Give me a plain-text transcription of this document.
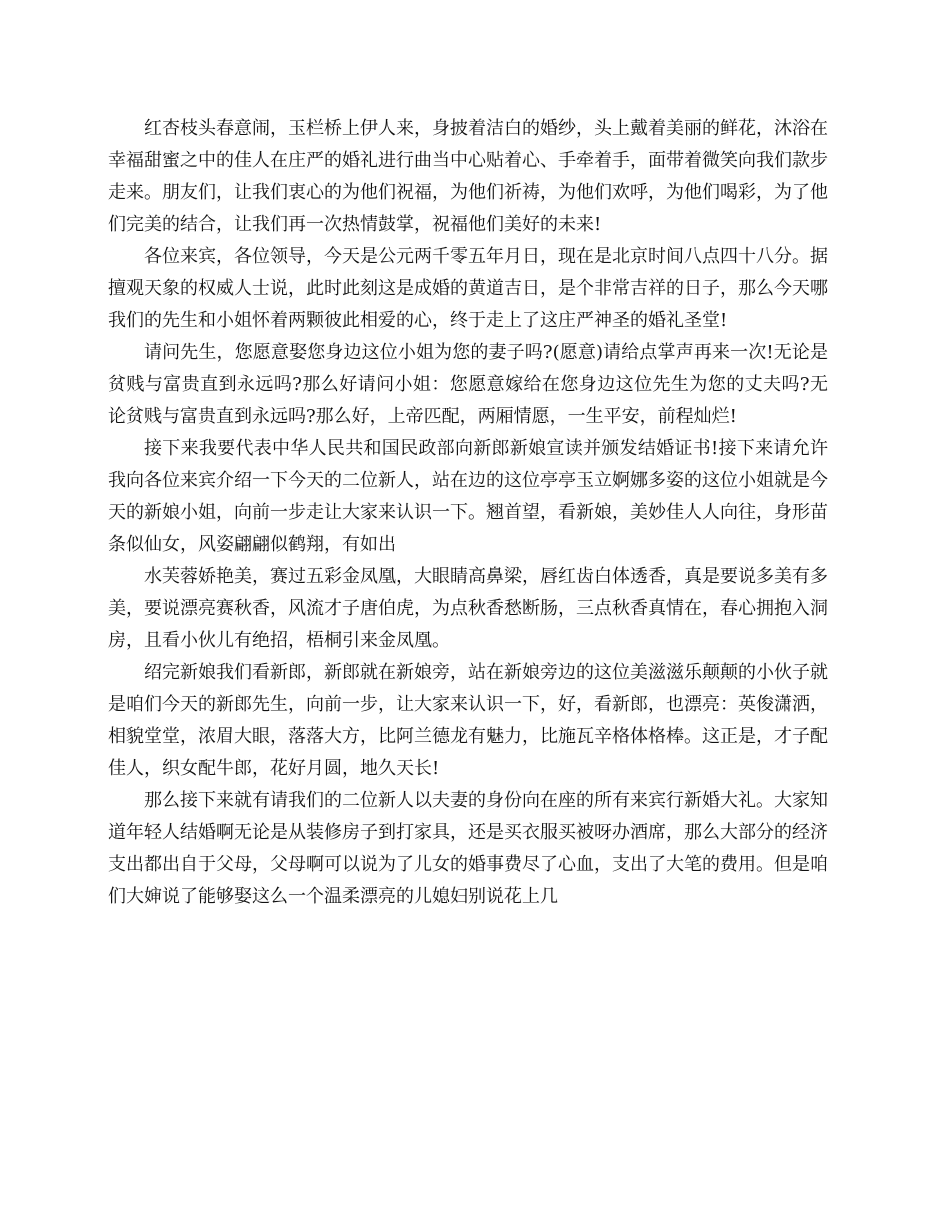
红杏枝头春意闹，玉栏桥上伊人来，身披着洁白的婚纱，头上戴着美丽的鲜花，沐浴在幸福甜蜜之中的佳人在庄严的婚礼进行曲当中心贴着心、手牵着手，面带着微笑向我们款步走来。朋友们，让我们衷心的为他们祝福，为他们祈祷，为他们欢呼，为他们喝彩，为了他们完美的结合，让我们再一次热情鼓掌，祝福他们美好的未来!

各位来宾，各位领导，今天是公元两千零五年月日，现在是北京时间八点四十八分。据擅观天象的权威人士说，此时此刻这是成婚的黄道吉日，是个非常吉祥的日子，那么今天哪我们的先生和小姐怀着两颗彼此相爱的心，终于走上了这庄严神圣的婚礼圣堂!

请问先生，您愿意娶您身边这位小姐为您的妻子吗?(愿意)请给点掌声再来一次!无论是贫贱与富贵直到永远吗?那么好请问小姐：您愿意嫁给在您身边这位先生为您的丈夫吗?无论贫贱与富贵直到永远吗?那么好，上帝匹配，两厢情愿，一生平安，前程灿烂!

接下来我要代表中华人民共和国民政部向新郎新娘宣读并颁发结婚证书!接下来请允许我向各位来宾介绍一下今天的二位新人，站在边的这位亭亭玉立婀娜多姿的这位小姐就是今天的新娘小姐，向前一步走让大家来认识一下。翘首望，看新娘，美妙佳人人向往，身形苗条似仙女，风姿翩翩似鹤翔，有如出

水芙蓉娇艳美，赛过五彩金凤凰，大眼睛高鼻梁，唇红齿白体透香，真是要说多美有多美，要说漂亮赛秋香，风流才子唐伯虎，为点秋香愁断肠，三点秋香真情在，春心拥抱入洞房，且看小伙儿有绝招，梧桐引来金凤凰。

绍完新娘我们看新郎，新郎就在新娘旁，站在新娘旁边的这位美滋滋乐颠颠的小伙子就是咱们今天的新郎先生，向前一步，让大家来认识一下，好，看新郎，也漂亮：英俊潇洒，相貌堂堂，浓眉大眼，落落大方，比阿兰德龙有魅力，比施瓦辛格体格棒。这正是，才子配佳人，织女配牛郎，花好月圆，地久天长!

那么接下来就有请我们的二位新人以夫妻的身份向在座的所有来宾行新婚大礼。大家知道年轻人结婚啊无论是从装修房子到打家具，还是买衣服买被呀办酒席，那么大部分的经济支出都出自于父母，父母啊可以说为了儿女的婚事费尽了心血，支出了大笔的费用。但是咱们大婶说了能够娶这么一个温柔漂亮的儿媳妇别说花上几
